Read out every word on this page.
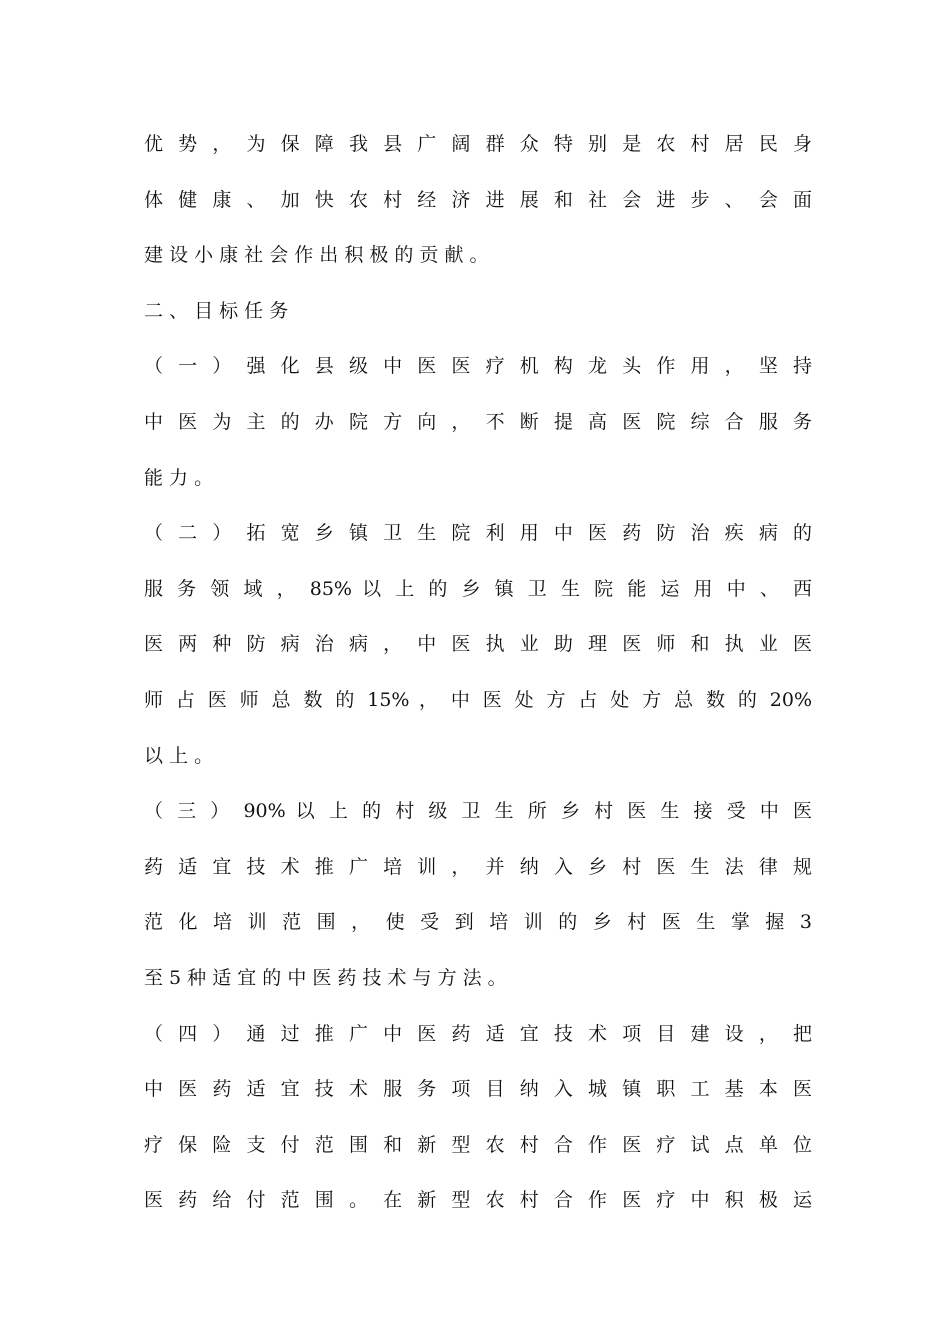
优 势 ， 为 保 障 我 县 广 阔 群 众 特 别 是 农 村 居 民 身
体 健 康 、 加 快 农 村 经 济 进 展 和 社 会 进 步 、 会 面
建 设 小 康 社 会 作 出 积 极 的 贡 献 。
二 、 目 标 任 务
（ 一 ） 强 化 县 级 中 医 医 疗 机 构 龙 头 作 用 ， 坚 持
中 医 为 主 的 办 院 方 向 ， 不 断 提 高 医 院 综 合 服 务
能 力 。
（ 二 ） 拓 宽 乡 镇 卫 生 院 利 用 中 医 药 防 治 疾 病 的
服 务 领 域 ， 85% 以 上 的 乡 镇 卫 生 院 能 运 用 中 、 西
医 两 种 防 病 治 病 ， 中 医 执 业 助 理 医 师 和 执 业 医
师 占 医 师 总 数 的 15% ， 中 医 处 方 占 处 方 总 数 的 20%
以 上 。
（ 三 ） 90% 以 上 的 村 级 卫 生 所 乡 村 医 生 接 受 中 医
药 适 宜 技 术 推 广 培 训 ， 并 纳 入 乡 村 医 生 法 律 规
范 化 培 训 范 围 ， 使 受 到 培 训 的 乡 村 医 生 掌 握 3
至 5 种 适 宜 的 中 医 药 技 术 与 方 法 。
（ 四 ） 通 过 推 广 中 医 药 适 宜 技 术 项 目 建 设 ， 把
中 医 药 适 宜 技 术 服 务 项 目 纳 入 城 镇 职 工 基 本 医
疗 保 险 支 付 范 围 和 新 型 农 村 合 作 医 疗 试 点 单 位
医 药 给 付 范 围 。 在 新 型 农 村 合 作 医 疗 中 积 极 运
